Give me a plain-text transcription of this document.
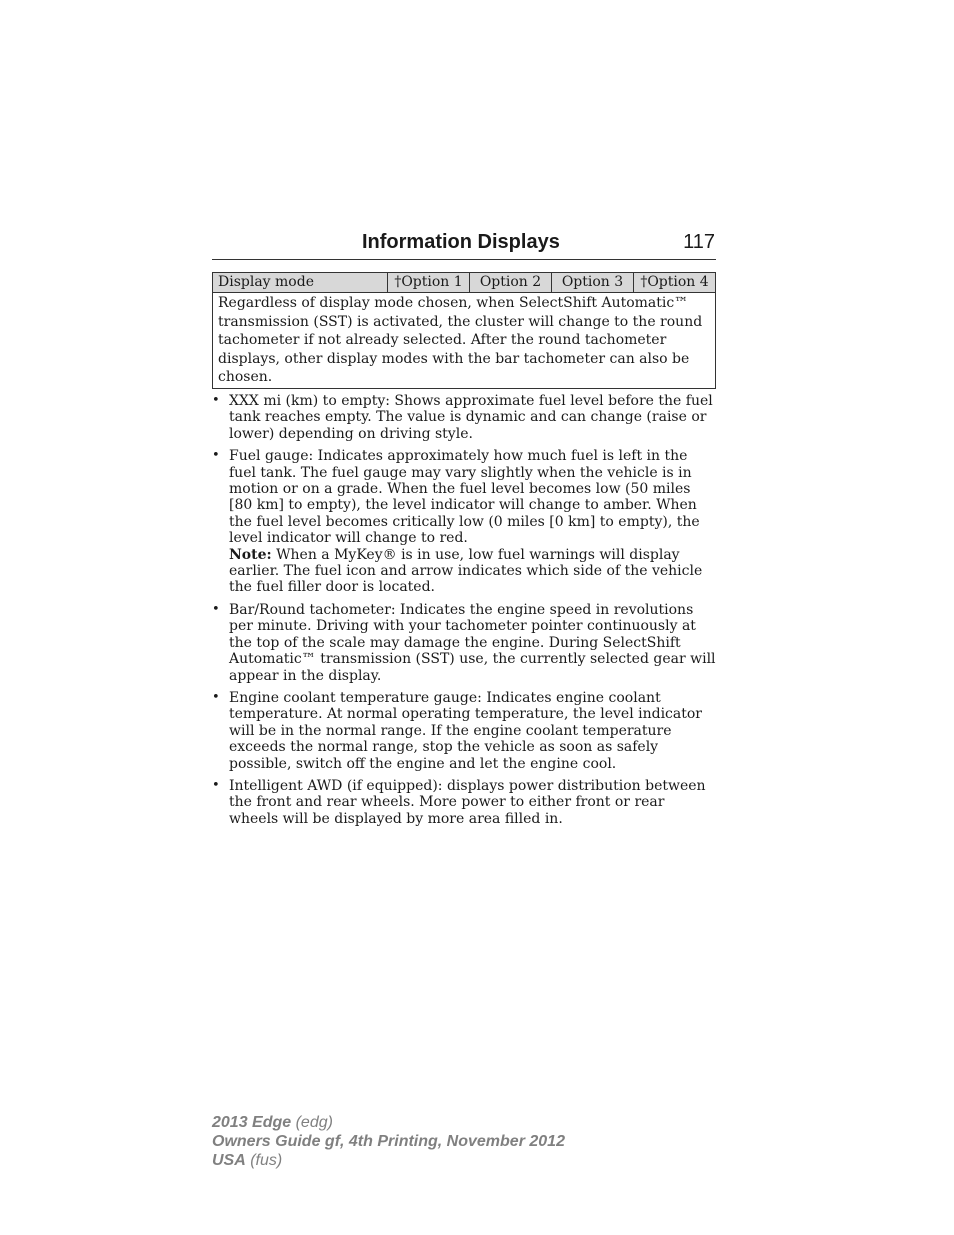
Information Displays	117
Display mode	†Option 1	Option 2	Option 3	†Option 4
Regardless of display mode chosen, when SelectShift Automatic™ transmission (SST) is activated, the cluster will change to the round tachometer if not already selected. After the round tachometer displays, other display modes with the bar tachometer can also be chosen.
• XXX mi (km) to empty: Shows approximate fuel level before the fuel tank reaches empty. The value is dynamic and can change (raise or lower) depending on driving style.
• Fuel gauge: Indicates approximately how much fuel is left in the fuel tank. The fuel gauge may vary slightly when the vehicle is in motion or on a grade. When the fuel level becomes low (50 miles [80 km] to empty), the level indicator will change to amber. When the fuel level becomes critically low (0 miles [0 km] to empty), the level indicator will change to red.
Note: When a MyKey® is in use, low fuel warnings will display earlier. The fuel icon and arrow indicates which side of the vehicle the fuel filler door is located.
• Bar/Round tachometer: Indicates the engine speed in revolutions per minute. Driving with your tachometer pointer continuously at the top of the scale may damage the engine. During SelectShift Automatic™ transmission (SST) use, the currently selected gear will appear in the display.
• Engine coolant temperature gauge: Indicates engine coolant temperature. At normal operating temperature, the level indicator will be in the normal range. If the engine coolant temperature exceeds the normal range, stop the vehicle as soon as safely possible, switch off the engine and let the engine cool.
• Intelligent AWD (if equipped): displays power distribution between the front and rear wheels. More power to either front or rear wheels will be displayed by more area filled in.
2013 Edge (edg)
Owners Guide gf, 4th Printing, November 2012
USA (fus)
